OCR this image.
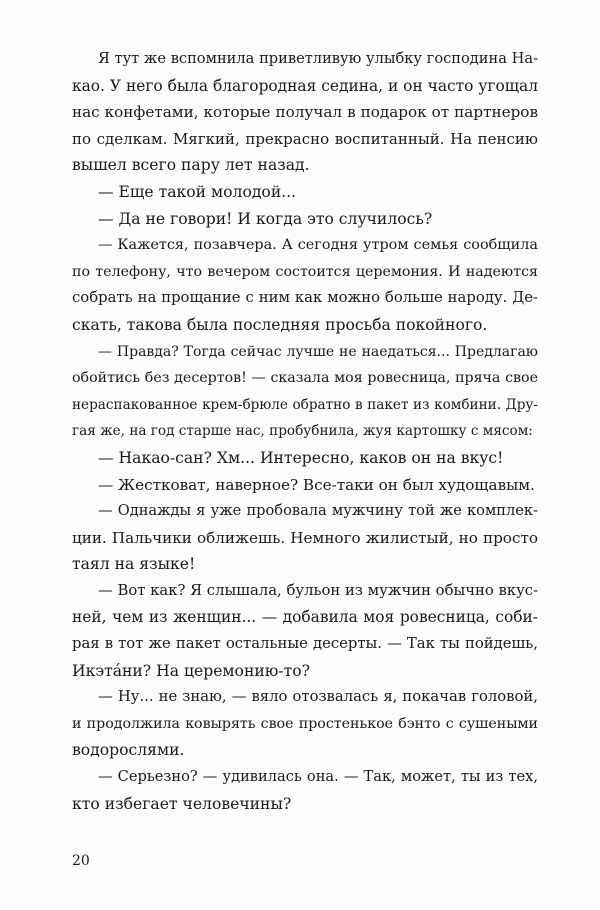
Я тут же вспомнила приветливую улыбку господина На-
као. У него была благородная седина, и он часто угощал
нас конфетами, которые получал в подарок от партнеров
по сделкам. Мягкий, прекрасно воспитанный. На пенсию
вышел всего пару лет назад.
— Еще такой молодой...
— Да не говори! И когда это случилось?
— Кажется, позавчера. А сегодня утром семья сообщила
по телефону, что вечером состоится церемония. И надеются
собрать на прощание с ним как можно больше народу. Де-
скать, такова была последняя просьба покойного.
— Правда? Тогда сейчас лучше не наедаться... Предлагаю
обойтись без десертов! — сказала моя ровесница, пряча свое
нераспакованное крем-брюле обратно в пакет из комбини. Дру-
гая же, на год старше нас, пробубнила, жуя картошку с мясом:
— Накао-сан? Хм... Интересно, каков он на вкус!
— Жестковат, наверное? Все-таки он был худощавым.
— Однажды я уже пробовала мужчину той же комплек-
ции. Пальчики оближешь. Немного жилистый, но просто
таял на языке!
— Вот как? Я слышала, бульон из мужчин обычно вкус-
ней, чем из женщин... — добавила моя ровесница, соби-
рая в тот же пакет остальные десерты. — Так ты пойдешь,
Икэта́ни? На церемонию-то?
— Ну... не знаю, — вяло отозвалась я, покачав головой,
и продолжила ковырять свое простенькое бэнто с сушеными
водорослями.
— Серьезно? — удивилась она. — Так, может, ты из тех,
кто избегает человечины?
20
